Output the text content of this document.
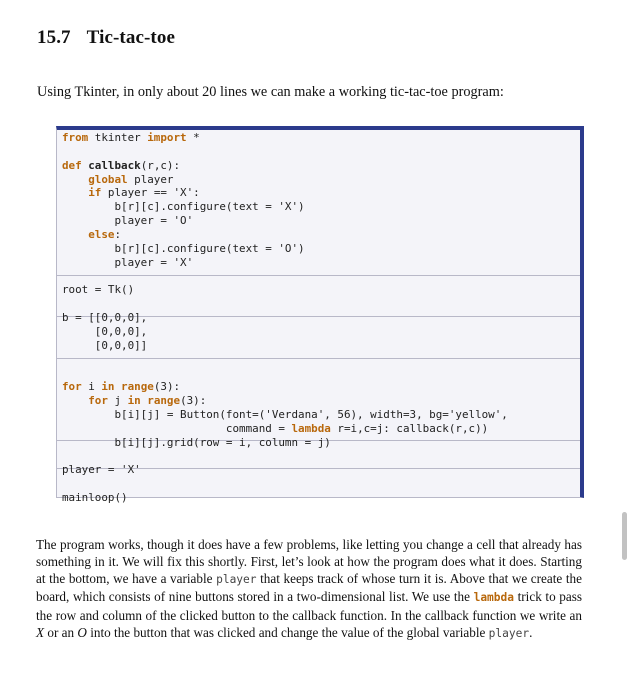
15.7 Tic-tac-toe
Using Tkinter, in only about 20 lines we can make a working tic-tac-toe program:
from tkinter import *

def callback(r,c):
global player
if player == 'X':
b[r][c].configure(text = 'X')
player = 'O'
else:
b[r][c].configure(text = 'O')
player = 'X'

root = Tk()

b = [[0,0,0],
[0,0,0],
[0,0,0]]

for i in range(3):
for j in range(3):
b[i][j] = Button(font=('Verdana', 56), width=3, bg='yellow',
command = lambda r=i,c=j: callback(r,c))
b[i][j].grid(row = i, column = j)

player = 'X'

mainloop()
The program works, though it does have a few problems, like letting you change a cell that already has something in it. We will fix this shortly. First, let’s look at how the program does what it does. Starting at the bottom, we have a variable player that keeps track of whose turn it is. Above that we create the board, which consists of nine buttons stored in a two-dimensional list. We use the lambda trick to pass the row and column of the clicked button to the callback function. In the callback function we write an X or an O into the button that was clicked and change the value of the global variable player.
